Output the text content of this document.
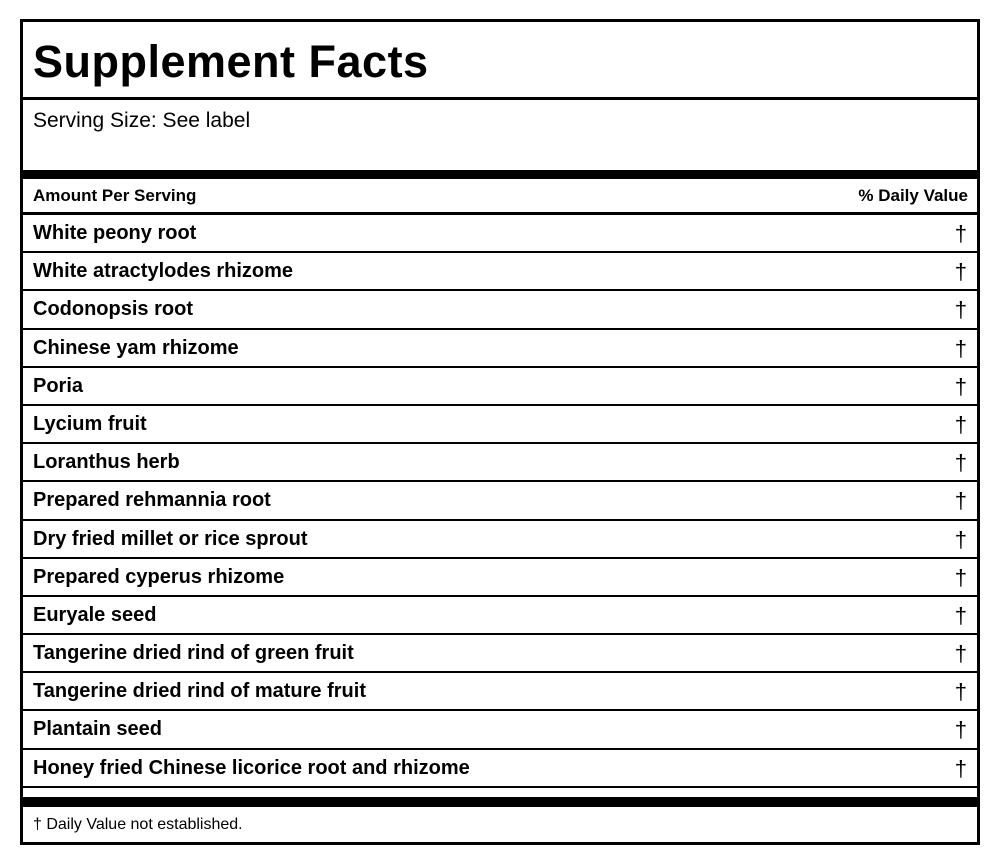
Supplement Facts
Serving Size: See label
Amount Per Serving	% Daily Value
White peony root	†
White atractylodes rhizome	†
Codonopsis root	†
Chinese yam rhizome	†
Poria	†
Lycium fruit	†
Loranthus herb	†
Prepared rehmannia root	†
Dry fried millet or rice sprout	†
Prepared cyperus rhizome	†
Euryale seed	†
Tangerine dried rind of green fruit	†
Tangerine dried rind of mature fruit	†
Plantain seed	†
Honey fried Chinese licorice root and rhizome	†
† Daily Value not established.
